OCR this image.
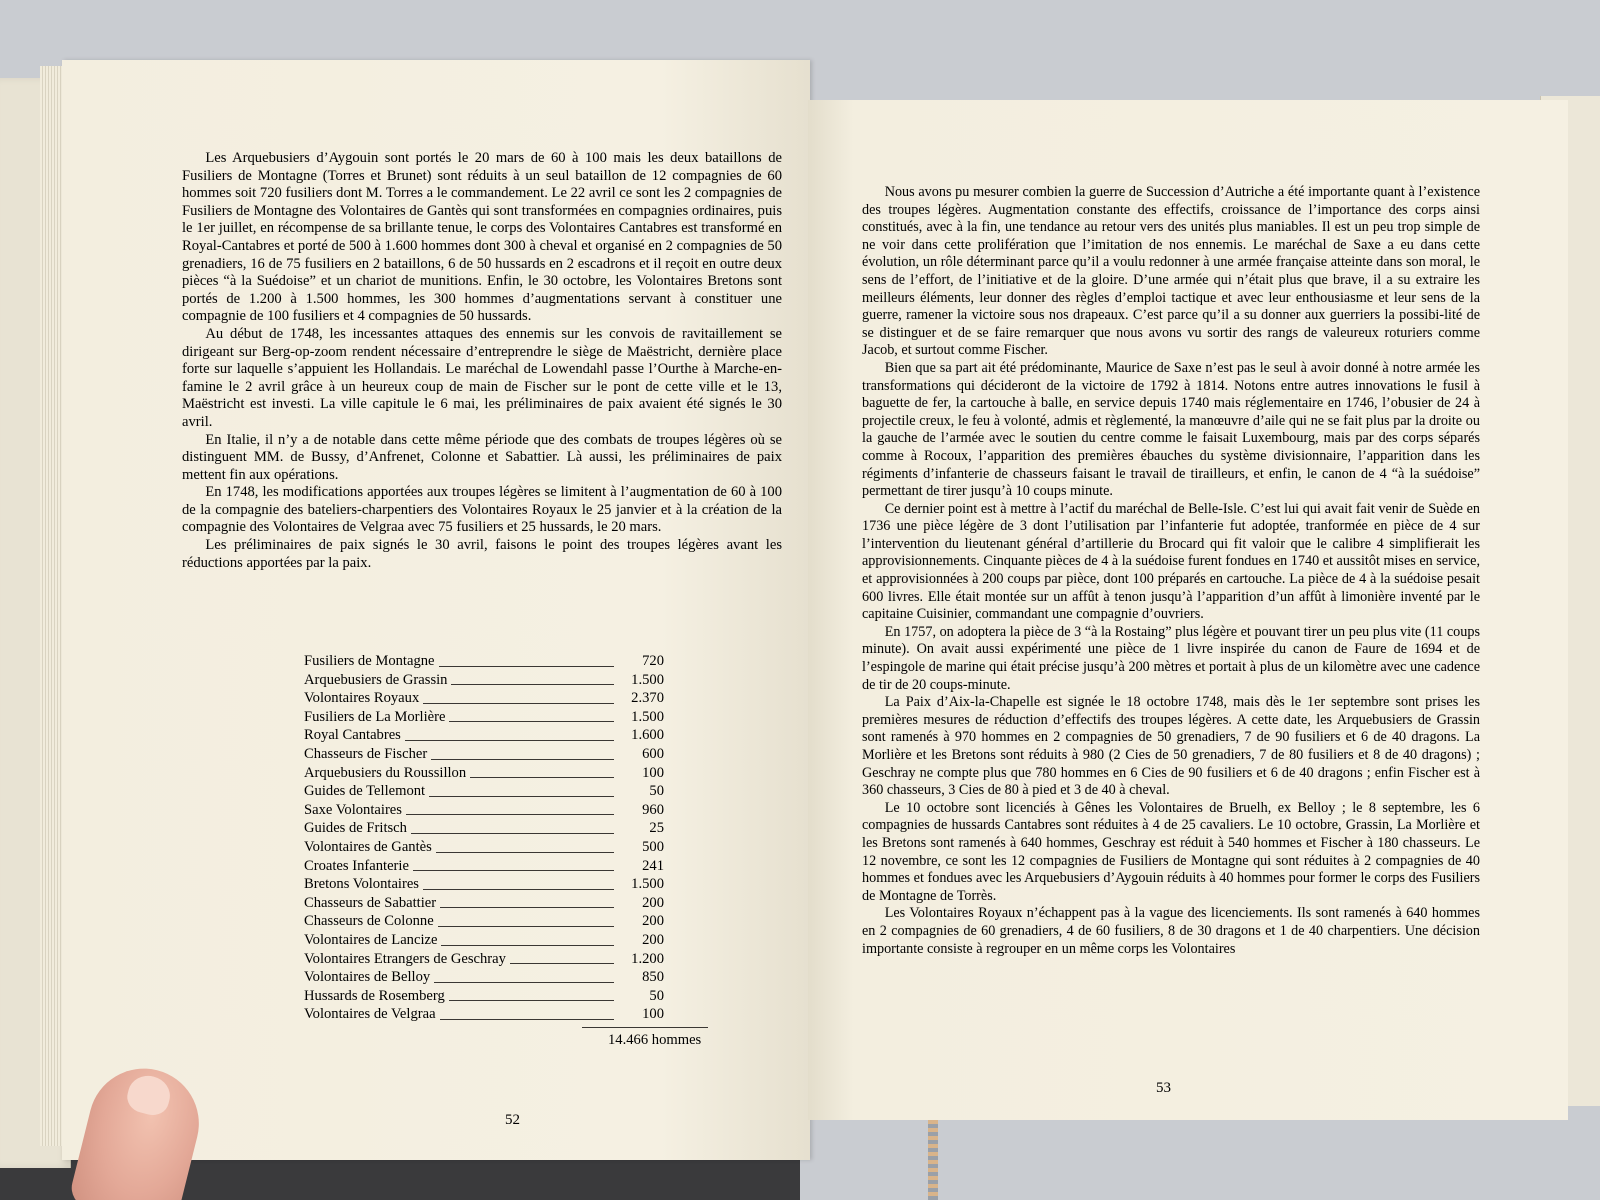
Les Arquebusiers d’Aygouin sont portés le 20 mars de 60 à 100 mais les deux bataillons de Fusiliers de Montagne (Torres et Brunet) sont réduits à un seul bataillon de 12 compagnies de 60 hommes soit 720 fusiliers dont M. Torres a le commandement. Le 22 avril ce sont les 2 compagnies de Fusiliers de Montagne des Volontaires de Gantès qui sont transformées en compagnies ordinaires, puis le 1er juillet, en récompense de sa brillante tenue, le corps des Volontaires Cantabres est transformé en Royal-Cantabres et porté de 500 à 1.600 hommes dont 300 à cheval et organisé en 2 compagnies de 50 grenadiers, 16 de 75 fusiliers en 2 bataillons, 6 de 50 hussards en 2 escadrons et il reçoit en outre deux pièces “à la Suédoise” et un chariot de munitions. Enfin, le 30 octobre, les Volontaires Bretons sont portés de 1.200 à 1.500 hommes, les 300 hommes d’augmentations servant à constituer une compagnie de 100 fusiliers et 4 compagnies de 50 hussards.

Au début de 1748, les incessantes attaques des ennemis sur les convois de ravitaillement se dirigeant sur Berg-op-zoom rendent nécessaire d’entreprendre le siège de Maëstricht, dernière place forte sur laquelle s’appuient les Hollandais. Le maréchal de Lowendahl passe l’Ourthe à Marche-en-famine le 2 avril grâce à un heureux coup de main de Fischer sur le pont de cette ville et le 13, Maëstricht est investi. La ville capitule le 6 mai, les préliminaires de paix avaient été signés le 30 avril.

En Italie, il n’y a de notable dans cette même période que des combats de troupes légères où se distinguent MM. de Bussy, d’Anfrenet, Colonne et Sabattier. Là aussi, les préliminaires de paix mettent fin aux opérations.

En 1748, les modifications apportées aux troupes légères se limitent à l’augmentation de 60 à 100 de la compagnie des bateliers-charpentiers des Volontaires Royaux le 25 janvier et à la création de la compagnie des Volontaires de Velgraa avec 75 fusiliers et 25 hussards, le 20 mars.

Les préliminaires de paix signés le 30 avril, faisons le point des troupes légères avant les réductions apportées par la paix.

Fusiliers de Montagne	720
Arquebusiers de Grassin	1.500
Volontaires Royaux	2.370
Fusiliers de La Morlière	1.500
Royal Cantabres	1.600
Chasseurs de Fischer	600
Arquebusiers du Roussillon	100
Guides de Tellemont	50
Saxe Volontaires	960
Guides de Fritsch	25
Volontaires de Gantès	500
Croates Infanterie	241
Bretons Volontaires	1.500
Chasseurs de Sabattier	200
Chasseurs de Colonne	200
Volontaires de Lancize	200
Volontaires Etrangers de Geschray	1.200
Volontaires de Belloy	850
Hussards de Rosemberg	50
Volontaires de Velgraa	100
14.466 hommes
52

Nous avons pu mesurer combien la guerre de Succession d’Autriche a été importante quant à l’existence des troupes légères. Augmentation constante des effectifs, croissance de l’importance des corps ainsi constitués, avec à la fin, une tendance au retour vers des unités plus maniables. Il est un peu trop simple de ne voir dans cette prolifération que l’imitation de nos ennemis. Le maréchal de Saxe a eu dans cette évolution, un rôle déterminant parce qu’il a voulu redonner à une armée française atteinte dans son moral, le sens de l’effort, de l’initiative et de la gloire. D’une armée qui n’était plus que brave, il a su extraire les meilleurs éléments, leur donner des règles d’emploi tactique et avec leur enthousiasme et leur sens de la guerre, ramener la victoire sous nos drapeaux. C’est parce qu’il a su donner aux guerriers la possibi-lité de se distinguer et de se faire remarquer que nous avons vu sortir des rangs de valeureux roturiers comme Jacob, et surtout comme Fischer.

Bien que sa part ait été prédominante, Maurice de Saxe n’est pas le seul à avoir donné à notre armée les transformations qui décideront de la victoire de 1792 à 1814. Notons entre autres innovations le fusil à baguette de fer, la cartouche à balle, en service depuis 1740 mais réglementaire en 1746, l’obusier de 24 à projectile creux, le feu à volonté, admis et règlementé, la manœuvre d’aile qui ne se fait plus par la droite ou la gauche de l’armée avec le soutien du centre comme le faisait Luxembourg, mais par des corps séparés comme à Rocoux, l’apparition des premières ébauches du système divisionnaire, l’apparition dans les régiments d’infanterie de chasseurs faisant le travail de tirailleurs, et enfin, le canon de 4 “à la suédoise” permettant de tirer jusqu’à 10 coups minute.

Ce dernier point est à mettre à l’actif du maréchal de Belle-Isle. C’est lui qui avait fait venir de Suède en 1736 une pièce légère de 3 dont l’utilisation par l’infanterie fut adoptée, tranformée en pièce de 4 sur l’intervention du lieutenant général d’artillerie du Brocard qui fit valoir que le calibre 4 simplifierait les approvisionnements. Cinquante pièces de 4 à la suédoise furent fondues en 1740 et aussitôt mises en service, et approvisionnées à 200 coups par pièce, dont 100 préparés en cartouche. La pièce de 4 à la suédoise pesait 600 livres. Elle était montée sur un affût à tenon jusqu’à l’apparition d’un affût à limonière inventé par le capitaine Cuisinier, commandant une compagnie d’ouvriers.

En 1757, on adoptera la pièce de 3 “à la Rostaing” plus légère et pouvant tirer un peu plus vite (11 coups minute). On avait aussi expérimenté une pièce de 1 livre inspirée du canon de Faure de 1694 et de l’espingole de marine qui était précise jusqu’à 200 mètres et portait à plus de un kilomètre avec une cadence de tir de 20 coups-minute.

La Paix d’Aix-la-Chapelle est signée le 18 octobre 1748, mais dès le 1er septembre sont prises les premières mesures de réduction d’effectifs des troupes légères. A cette date, les Arquebusiers de Grassin sont ramenés à 970 hommes en 2 compagnies de 50 grenadiers, 7 de 90 fusiliers et 6 de 40 dragons. La Morlière et les Bretons sont réduits à 980 (2 Cies de 50 grenadiers, 7 de 80 fusiliers et 8 de 40 dragons) ; Geschray ne compte plus que 780 hommes en 6 Cies de 90 fusiliers et 6 de 40 dragons ; enfin Fischer est à 360 chasseurs, 3 Cies de 80 à pied et 3 de 40 à cheval.

Le 10 octobre sont licenciés à Gênes les Volontaires de Bruelh, ex Belloy ; le 8 septembre, les 6 compagnies de hussards Cantabres sont réduites à 4 de 25 cavaliers. Le 10 octobre, Grassin, La Morlière et les Bretons sont ramenés à 640 hommes, Geschray est réduit à 540 hommes et Fischer à 180 chasseurs. Le 12 novembre, ce sont les 12 compagnies de Fusiliers de Montagne qui sont réduites à 2 compagnies de 40 hommes et fondues avec les Arquebusiers d’Aygouin réduits à 40 hommes pour former le corps des Fusiliers de Montagne de Torrès.

Les Volontaires Royaux n’échappent pas à la vague des licenciements. Ils sont ramenés à 640 hommes en 2 compagnies de 60 grenadiers, 4 de 60 fusiliers, 8 de 30 dragons et 1 de 40 charpentiers. Une décision importante consiste à regrouper en un même corps les Volontaires

53
